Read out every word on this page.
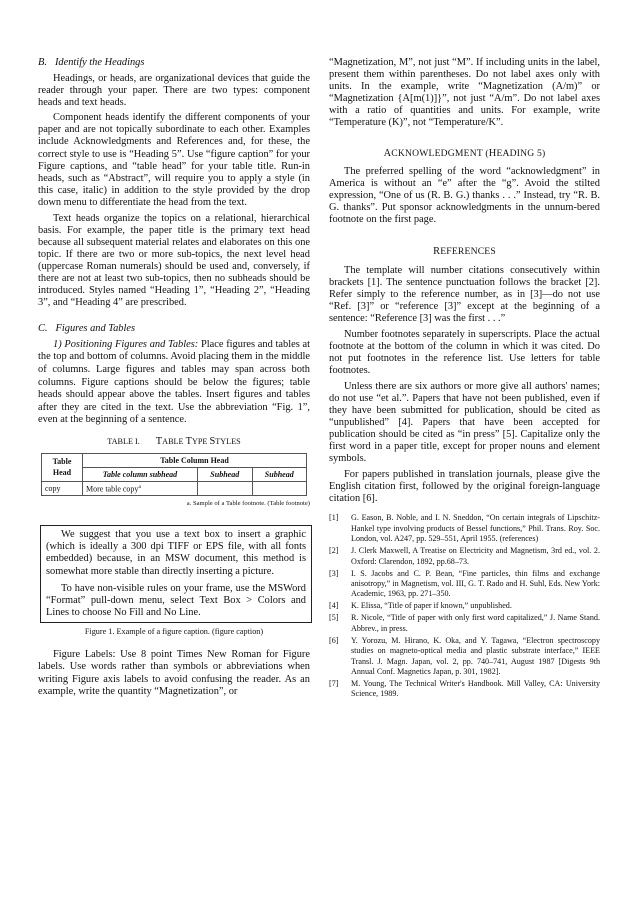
B. Identify the Headings

Headings, or heads, are organizational devices that guide the reader through your paper. There are two types: component heads and text heads.

Component heads identify the different components of your paper and are not topically subordinate to each other. Examples include Acknowledgments and References and, for these, the correct style to use is “Heading 5”. Use “figure caption” for your Figure captions, and “table head” for your table title. Run-in heads, such as “Abstract”, will require you to apply a style (in this case, italic) in addition to the style provided by the drop down menu to differentiate the head from the text.

Text heads organize the topics on a relational, hierarchical basis. For example, the paper title is the primary text head because all subsequent material relates and elaborates on this one topic. If there are two or more sub-topics, the next level head (uppercase Roman numerals) should be used and, conversely, if there are not at least two sub-topics, then no subheads should be introduced. Styles named “Heading 1”, “Heading 2”, “Heading 3”, and “Heading 4” are prescribed.

C. Figures and Tables

1) Positioning Figures and Tables: Place figures and tables at the top and bottom of columns. Avoid placing them in the middle of columns. Large figures and tables may span across both columns. Figure captions should be below the figures; table heads should appear above the tables. Insert figures and tables after they are cited in the text. Use the abbreviation “Fig. 1”, even at the beginning of a sentence.

TABLE I. TABLE TYPE STYLES
Table
Head	Table Column Head		
	Table column subhead	Subhead	Subhead
copy	More table copy$^a$		
a. Sample of a Table footnote. (Table footnote)

We suggest that you use a text box to insert a graphic (which is ideally a 300 dpi TIFF or EPS file, with all fonts embedded) because, in an MSW document, this method is somewhat more stable than directly inserting a picture.

To have non-visible rules on your frame, use the MSWord “Format” pull-down menu, select Text Box > Colors and Lines to choose No Fill and No Line.

Figure 1. Example of a figure caption. (figure caption)

Figure Labels: Use 8 point Times New Roman for Figure labels. Use words rather than symbols or abbreviations when writing Figure axis labels to avoid confusing the reader. As an example, write the quantity “Magnetization”, or

“Magnetization, M”, not just “M”. If including units in the label, present them within parentheses. Do not label axes only with units. In the example, write “Magnetization (A/m)” or “Magnetization {A[m(1)]}”, not just “A/m”. Do not label axes with a ratio of quantities and units. For example, write “Temperature (K)”, not “Temperature/K”.

ACKNOWLEDGMENT (HEADING 5)

The preferred spelling of the word “acknowledgment” in America is without an “e” after the “g”. Avoid the stilted expression, “One of us (R. B. G.) thanks . . .” Instead, try “R. B. G. thanks”. Put sponsor acknowledgments in the unnum-bered footnote on the first page.

REFERENCES

The template will number citations consecutively within brackets [1]. The sentence punctuation follows the bracket [2]. Refer simply to the reference number, as in [3]—do not use “Ref. [3]” or “reference [3]” except at the beginning of a sentence: “Reference [3] was the first . . .”

Number footnotes separately in superscripts. Place the actual footnote at the bottom of the column in which it was cited. Do not put footnotes in the reference list. Use letters for table footnotes.

Unless there are six authors or more give all authors' names; do not use “et al.”. Papers that have not been published, even if they have been submitted for publication, should be cited as “unpublished” [4]. Papers that have been accepted for publication should be cited as “in press” [5]. Capitalize only the first word in a paper title, except for proper nouns and element symbols.

For papers published in translation journals, please give the English citation first, followed by the original foreign-language citation [6].

[1] G. Eason, B. Noble, and I. N. Sneddon, “On certain integrals of Lipschitz-Hankel type involving products of Bessel functions,” Phil. Trans. Roy. Soc. London, vol. A247, pp. 529–551, April 1955. (references)
[2] J. Clerk Maxwell, A Treatise on Electricity and Magnetism, 3rd ed., vol. 2. Oxford: Clarendon, 1892, pp.68–73.
[3] I. S. Jacobs and C. P. Bean, “Fine particles, thin films and exchange anisotropy,” in Magnetism, vol. III, G. T. Rado and H. Suhl, Eds. New York: Academic, 1963, pp. 271–350.
[4] K. Elissa, “Title of paper if known,” unpublished.
[5] R. Nicole, “Title of paper with only first word capitalized,” J. Name Stand. Abbrev., in press.
[6] Y. Yorozu, M. Hirano, K. Oka, and Y. Tagawa, “Electron spectroscopy studies on magneto-optical media and plastic substrate interface,” IEEE Transl. J. Magn. Japan, vol. 2, pp. 740–741, August 1987 [Digests 9th Annual Conf. Magnetics Japan, p. 301, 1982].
[7] M. Young, The Technical Writer's Handbook. Mill Valley, CA: University Science, 1989.
